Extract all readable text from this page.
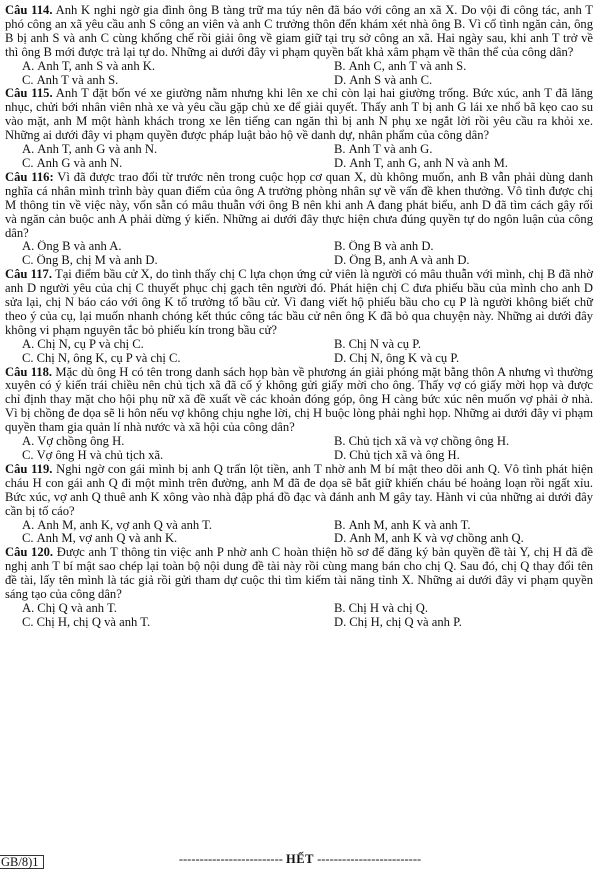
Câu 114. Anh K nghi ngờ gia đình ông B tàng trữ ma túy nên đã báo với công an xã X. Do vội đi công tác, anh T phó công an xã yêu cầu anh S công an viên và anh C trưởng thôn đến khám xét nhà ông B. Vì cố tình ngăn cản, ông B bị anh S và anh C cùng khống chế rồi giải ông về giam giữ tại trụ sở công an xã. Hai ngày sau, khi anh T trở về thì ông B mới được trả lại tự do. Những ai dưới đây vi phạm quyền bất khả xâm phạm về thân thể của công dân?
A. Anh T, anh S và anh K.	B. Anh C, anh T và anh S.
C. Anh T và anh S.	D. Anh S và anh C.
Câu 115. Anh T đặt bốn vé xe giường nằm nhưng khi lên xe chỉ còn lại hai giường trống. Bức xúc, anh T đã lăng nhục, chửi bới nhân viên nhà xe và yêu cầu gặp chủ xe để giải quyết. Thấy anh T bị anh G lái xe nhổ bã kẹo cao su vào mặt, anh M một hành khách trong xe lên tiếng can ngăn thì bị anh N phụ xe ngắt lời rồi yêu cầu ra khỏi xe. Những ai dưới đây vi phạm quyền được pháp luật bảo hộ về danh dự, nhân phẩm của công dân?
A. Anh T, anh G và anh N.	B. Anh T và anh G.
C. Anh G và anh N.	D. Anh T, anh G, anh N và anh M.
Câu 116: Vì đã được trao đổi từ trước nên trong cuộc họp cơ quan X, dù không muốn, anh B vẫn phải dùng danh nghĩa cá nhân mình trình bày quan điểm của ông A trưởng phòng nhân sự về vấn đề khen thưởng. Vô tình được chị M thông tin về việc này, vốn sẵn có mâu thuẫn với ông B nên khi anh A đang phát biểu, anh D đã tìm cách gây rối và ngăn cản buộc anh A phải dừng ý kiến. Những ai dưới đây thực hiện chưa đúng quyền tự do ngôn luận của công dân?
A. Ông B và anh A.	B. Ông B và anh D.
C. Ông B, chị M và anh D.	D. Ông B, anh A và anh D.
Câu 117. Tại điểm bầu cử X, do tình thấy chị C lựa chọn ứng cử viên là người có mâu thuẫn với mình, chị B đã nhờ anh D người yêu của chị C thuyết phục chị gạch tên người đó. Phát hiện chị C đưa phiếu bầu của mình cho anh D sửa lại, chị N báo cáo với ông K tổ trưởng tổ bầu cử. Vì đang viết hộ phiếu bầu cho cụ P là người không biết chữ theo ý của cụ, lại muốn nhanh chóng kết thúc công tác bầu cử nên ông K đã bỏ qua chuyện này. Những ai dưới đây không vi phạm nguyên tắc bỏ phiếu kín trong bầu cử?
A. Chị N, cụ P và chị C.	B. Chị N và cụ P.
C. Chị N, ông K, cụ P và chị C.	D. Chị N, ông K và cụ P.
Câu 118. Mặc dù ông H có tên trong danh sách họp bàn về phương án giải phóng mặt bằng thôn A nhưng vì thường xuyên có ý kiến trái chiều nên chủ tịch xã đã cố ý không gửi giấy mời cho ông. Thấy vợ có giấy mời họp và được chỉ định thay mặt cho hội phụ nữ xã đề xuất về các khoản đóng góp, ông H càng bức xúc nên muốn vợ phải ở nhà. Vì bị chồng đe dọa sẽ li hôn nếu vợ không chịu nghe lời, chị H buộc lòng phải nghỉ họp. Những ai dưới đây vi phạm quyền tham gia quản lí nhà nước và xã hội của công dân?
A. Vợ chồng ông H.	B. Chủ tịch xã và vợ chồng ông H.
C. Vợ ông H và chủ tịch xã.	D. Chủ tịch xã và ông H.
Câu 119. Nghi ngờ con gái mình bị anh Q trấn lột tiền, anh T nhờ anh M bí mật theo dõi anh Q. Vô tình phát hiện cháu H con gái anh Q đi một mình trên đường, anh M đã đe dọa sẽ bắt giữ khiến cháu bé hoảng loạn rồi ngất xỉu. Bức xúc, vợ anh Q thuê anh K xông vào nhà đập phá đồ đạc và đánh anh M gây tay. Hành vi của những ai dưới đây cần bị tố cáo?
A. Anh M, anh K, vợ anh Q và anh T.	B. Anh M, anh K và anh T.
C. Anh M, vợ anh Q và anh K.	D. Anh M, anh K và vợ chồng anh Q.
Câu 120. Được anh T thông tin việc anh P nhờ anh C hoàn thiện hồ sơ để đăng ký bản quyền đề tài Y, chị H đã đề nghị anh T bí mật sao chép lại toàn bộ nội dung đề tài này rồi cùng mang bán cho chị Q. Sau đó, chị Q thay đổi tên đề tài, lấy tên mình là tác giả rồi gửi tham dự cuộc thi tìm kiếm tài năng tỉnh X. Những ai dưới đây vi phạm quyền sáng tạo của công dân?
A. Chị Q và anh T.	B. Chị H và chị Q.
C. Chị H, chị Q và anh T.	D. Chị H, chị Q và anh P.
GB/8)1	------------------------- HẾT -------------------------
